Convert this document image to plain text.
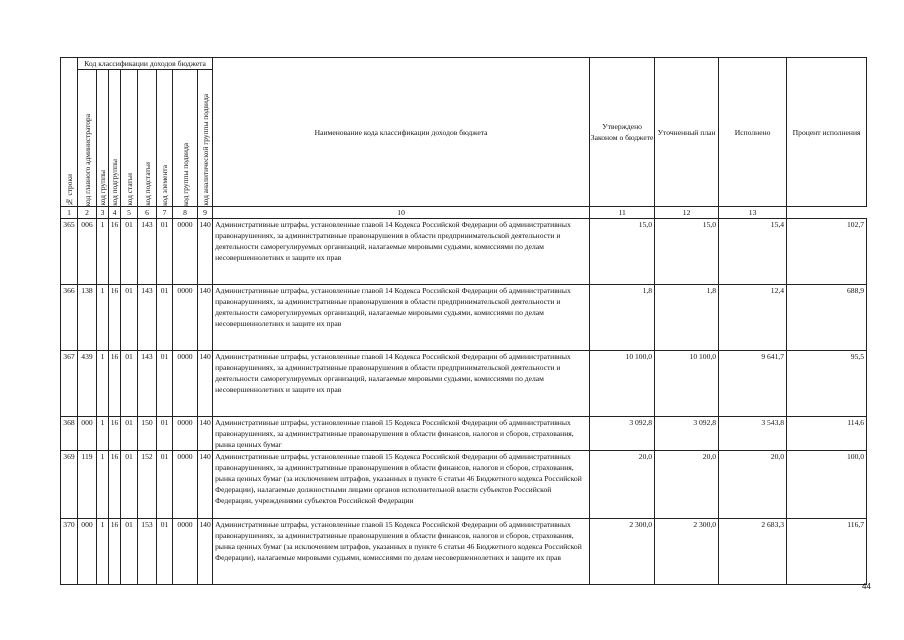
№ строки	Код классификации доходов бюджета								Наименование кода классификации доходов бюджета	Утверждено Законом о бюджете	Уточненный план	Исполнено	Процент исполнения

	код главного администратора	код группы	код подгруппы	код статьи	код подстатьи	код элемента	код группы подвида	код аналитической группы подвида					

1	2	3	4	5	6	7	8	9	10	11	12	13	
365	006	1	16	01	143	01	0000	140	Административные штрафы, установленные главой 14 Кодекса Российской Федерации об административных правонарушениях, за административные правонарушения в области предпринимательской деятельности и деятельности саморегулируемых организаций, налагаемые мировыми судьями, комиссиями по делам несовершеннолетних и защите их прав	15,0	15,0	15,4	102,7
366	138	1	16	01	143	01	0000	140	Административные штрафы, установленные главой 14 Кодекса Российской Федерации об административных правонарушениях, за административные правонарушения в области предпринимательской деятельности и деятельности саморегулируемых организаций, налагаемые мировыми судьями, комиссиями по делам несовершеннолетних и защите их прав	1,8	1,8	12,4	688,9
367	439	1	16	01	143	01	0000	140	Административные штрафы, установленные главой 14 Кодекса Российской Федерации об административных правонарушениях, за административные правонарушения в области предпринимательской деятельности и деятельности саморегулируемых организаций, налагаемые мировыми судьями, комиссиями по делам несовершеннолетних и защите их прав	10 100,0	10 100,0	9 641,7	95,5
368	000	1	16	01	150	01	0000	140	Административные штрафы, установленные главой 15 Кодекса Российской Федерации об административных правонарушениях, за административные правонарушения в области финансов, налогов и сборов, страхования, рынка ценных бумаг	3 092,8	3 092,8	3 543,8	114,6
369	119	1	16	01	152	01	0000	140	Административные штрафы, установленные главой 15 Кодекса Российской Федерации об административных правонарушениях, за административные правонарушения в области финансов, налогов и сборов, страхования, рынка ценных бумаг (за исключением штрафов, указанных в пункте 6 статьи 46 Бюджетного кодекса Российской Федерации), налагаемые должностными лицами органов исполнительной власти субъектов Российской Федерации, учреждениями субъектов Российской Федерации	20,0	20,0	20,0	100,0
370	000	1	16	01	153	01	0000	140	Административные штрафы, установленные главой 15 Кодекса Российской Федерации об административных правонарушениях, за административные правонарушения в области финансов, налогов и сборов, страхования, рынка ценных бумаг (за исключением штрафов, указанных в пункте 6 статьи 46 Бюджетного кодекса Российской Федерации), налагаемые мировыми судьями, комиссиями по делам несовершеннолетних и защите их прав	2 300,0	2 300,0	2 683,3	116,7
44
